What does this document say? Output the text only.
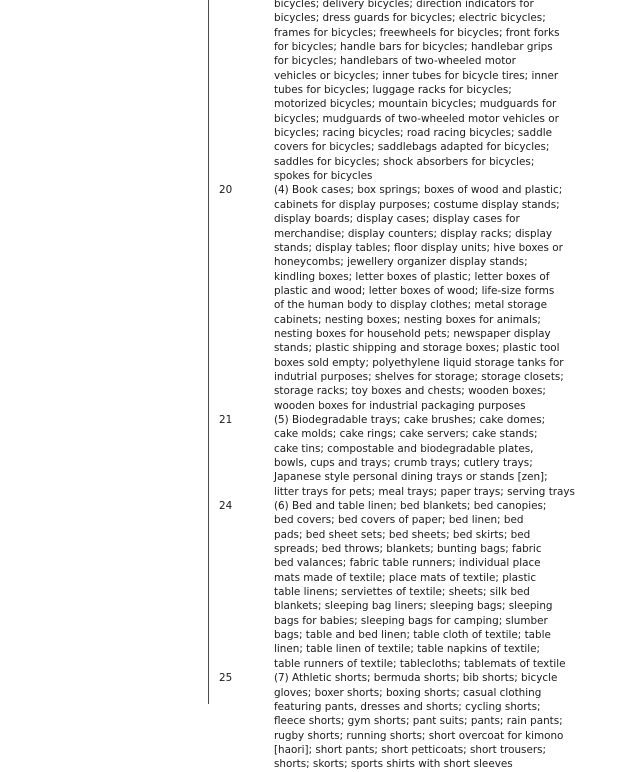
bicycles; delivery bicycles; direction indicators for
bicycles; dress guards for bicycles; electric bicycles;
frames for bicycles; freewheels for bicycles; front forks
for bicycles; handle bars for bicycles; handlebar grips
for bicycles; handlebars of two-wheeled motor
vehicles or bicycles; inner tubes for bicycle tires; inner
tubes for bicycles; luggage racks for bicycles;
motorized bicycles; mountain bicycles; mudguards for
bicycles; mudguards of two-wheeled motor vehicles or
bicycles; racing bicycles; road racing bicycles; saddle
covers for bicycles; saddlebags adapted for bicycles;
saddles for bicycles; shock absorbers for bicycles;
spokes for bicycles
20	(4) Book cases; box springs; boxes of wood and plastic;
cabinets for display purposes; costume display stands;
display boards; display cases; display cases for
merchandise; display counters; display racks; display
stands; display tables; floor display units; hive boxes or
honeycombs; jewellery organizer display stands;
kindling boxes; letter boxes of plastic; letter boxes of
plastic and wood; letter boxes of wood; life-size forms
of the human body to display clothes; metal storage
cabinets; nesting boxes; nesting boxes for animals;
nesting boxes for household pets; newspaper display
stands; plastic shipping and storage boxes; plastic tool
boxes sold empty; polyethylene liquid storage tanks for
indutrial purposes; shelves for storage; storage closets;
storage racks; toy boxes and chests; wooden boxes;
wooden boxes for industrial packaging purposes
21	(5) Biodegradable trays; cake brushes; cake domes;
cake molds; cake rings; cake servers; cake stands;
cake tins; compostable and biodegradable plates,
bowls, cups and trays; crumb trays; cutlery trays;
Japanese style personal dining trays or stands [zen];
litter trays for pets; meal trays; paper trays; serving trays
24	(6) Bed and table linen; bed blankets; bed canopies;
bed covers; bed covers of paper; bed linen; bed
pads; bed sheet sets; bed sheets; bed skirts; bed
spreads; bed throws; blankets; bunting bags; fabric
bed valances; fabric table runners; individual place
mats made of textile; place mats of textile; plastic
table linens; serviettes of textile; sheets; silk bed
blankets; sleeping bag liners; sleeping bags; sleeping
bags for babies; sleeping bags for camping; slumber
bags; table and bed linen; table cloth of textile; table
linen; table linen of textile; table napkins of textile;
table runners of textile; tablecloths; tablemats of textile
25	(7) Athletic shorts; bermuda shorts; bib shorts; bicycle
gloves; boxer shorts; boxing shorts; casual clothing
featuring pants, dresses and shorts; cycling shorts;
fleece shorts; gym shorts; pant suits; pants; rain pants;
rugby shorts; running shorts; short overcoat for kimono
[haori]; short pants; short petticoats; short trousers;
shorts; skorts; sports shirts with short sleeves
